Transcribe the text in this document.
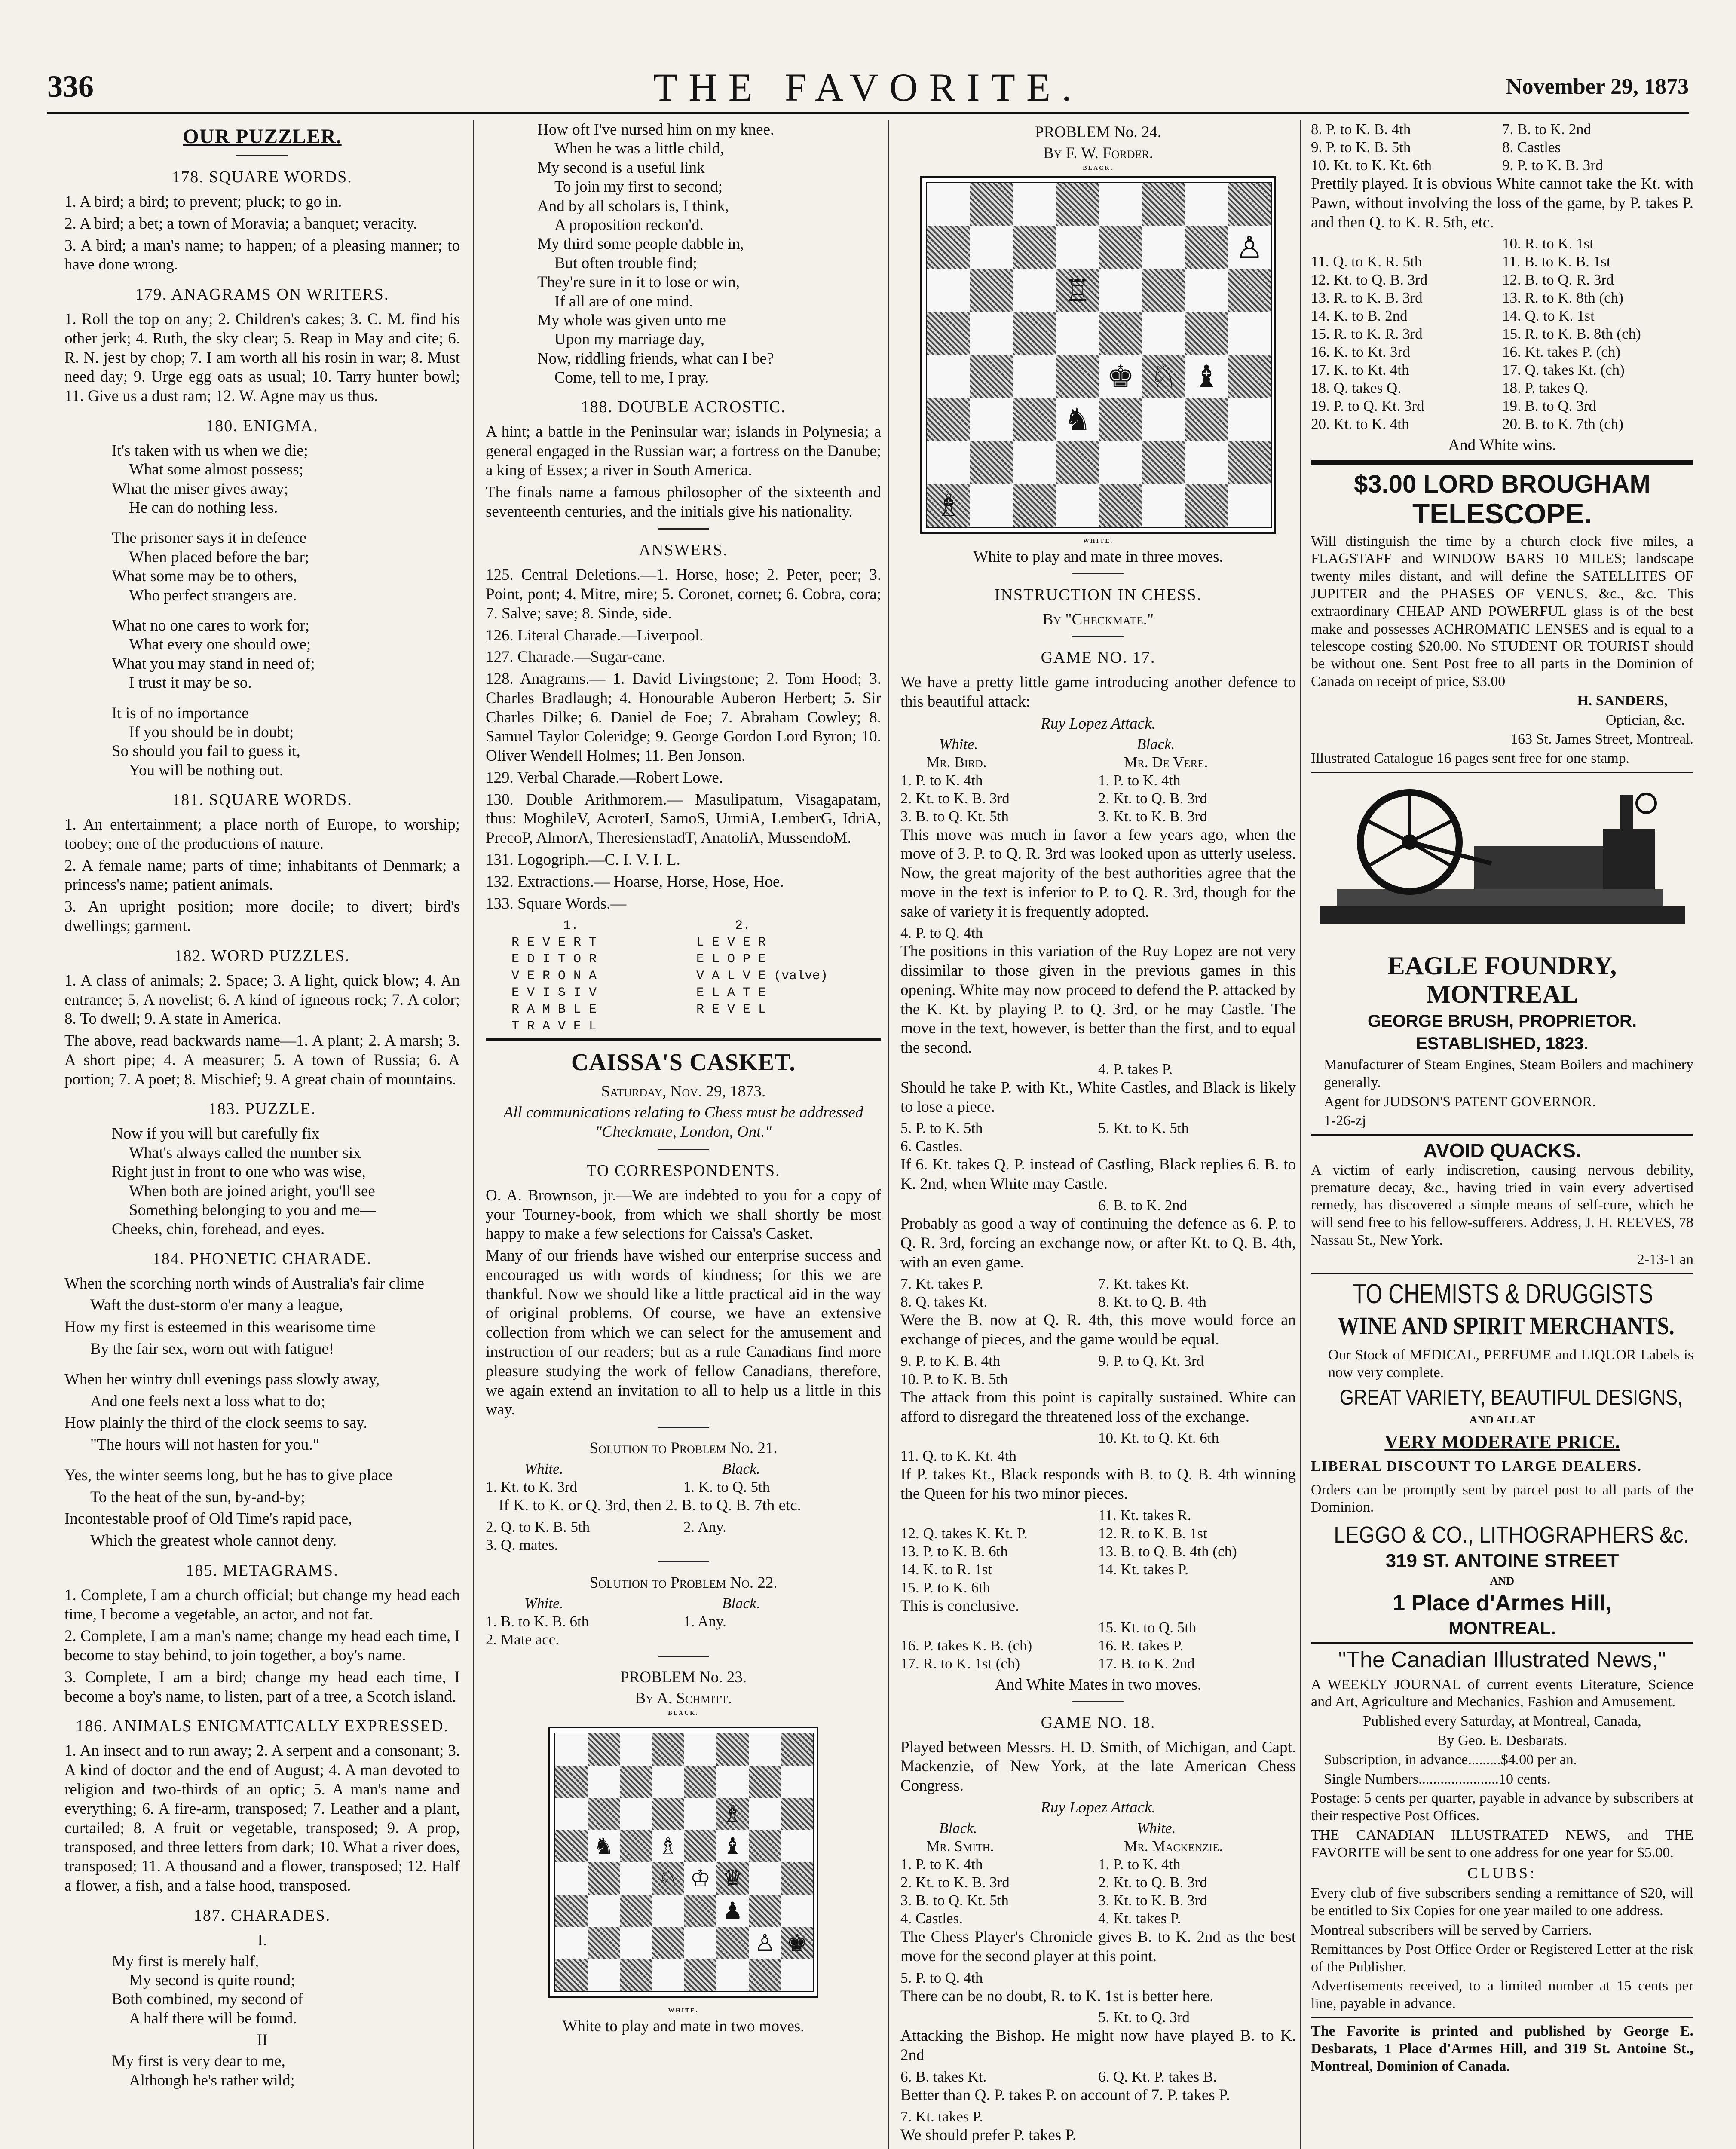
336	THE FAVORITE.	November 29, 1873
OUR PUZZLER.
178. SQUARE WORDS.

1. A bird; a bird; to prevent; pluck; to go in.

2. A bird; a bet; a town of Moravia; a banquet; veracity.

3. A bird; a man's name; to happen; of a pleasing manner; to have done wrong.

179. ANAGRAMS ON WRITERS.

1. Roll the top on any; 2. Children's cakes; 3. C. M. find his other jerk; 4. Ruth, the sky clear; 5. Reap in May and cite; 6. R. N. jest by chop; 7. I am worth all his rosin in war; 8. Must need day; 9. Urge egg oats as usual; 10. Tarry hunter bowl; 11. Give us a dust ram; 12. W. Agne may us thus.

180. ENIGMA.
It's taken with us when we die;
What some almost possess;
What the miser gives away;
He can do nothing less.
The prisoner says it in defence
When placed before the bar;
What some may be to others,
Who perfect strangers are.
What no one cares to work for;
What every one should owe;
What you may stand in need of;
I trust it may be so.
It is of no importance
If you should be in doubt;
So should you fail to guess it,
You will be nothing out.
181. SQUARE WORDS.

1. An entertainment; a place north of Europe, to worship; toobey; one of the productions of nature.

2. A female name; parts of time; inhabitants of Denmark; a princess's name; patient animals.

3. An upright position; more docile; to divert; bird's dwellings; garment.

182. WORD PUZZLES.

1. A class of animals; 2. Space; 3. A light, quick blow; 4. An entrance; 5. A novelist; 6. A kind of igneous rock; 7. A color; 8. To dwell; 9. A state in America.

The above, read backwards name—1. A plant; 2. A marsh; 3. A short pipe; 4. A measurer; 5. A town of Russia; 6. A portion; 7. A poet; 8. Mischief; 9. A great chain of mountains.

183. PUZZLE.
Now if you will but carefully fix
What's always called the number six
Right just in front to one who was wise,
When both are joined aright, you'll see
Something belonging to you and me—
Cheeks, chin, forehead, and eyes.
184. PHONETIC CHARADE.

When the scorching north winds of Australia's fair clime

Waft the dust-storm o'er many a league,

How my first is esteemed in this wearisome time

By the fair sex, worn out with fatigue!

When her wintry dull evenings pass slowly away,

And one feels next a loss what to do;

How plainly the third of the clock seems to say.

"The hours will not hasten for you."

Yes, the winter seems long, but he has to give place

To the heat of the sun, by-and-by;

Incontestable proof of Old Time's rapid pace,

Which the greatest whole cannot deny.

185. METAGRAMS.

1. Complete, I am a church official; but change my head each time, I become a vegetable, an actor, and not fat.

2. Complete, I am a man's name; change my head each time, I become to stay behind, to join together, a boy's name.

3. Complete, I am a bird; change my head each time, I become a boy's name, to listen, part of a tree, a Scotch island.

186. ANIMALS ENIGMATICALLY EXPRESSED.

1. An insect and to run away; 2. A serpent and a consonant; 3. A kind of doctor and the end of August; 4. A man devoted to religion and two-thirds of an optic; 5. A man's name and everything; 6. A fire-arm, transposed; 7. Leather and a plant, curtailed; 8. A fruit or vegetable, transposed; 9. A prop, transposed, and three letters from dark; 10. What a river does, transposed; 11. A thousand and a flower, transposed; 12. Half a flower, a fish, and a false hood, transposed.

187. CHARADES.
I.
My first is merely half,
My second is quite round;
Both combined, my second of
A half there will be found.
II
My first is very dear to me,
Although he's rather wild;
How oft I've nursed him on my knee.
When he was a little child,
My second is a useful link
To join my first to second;
And by all scholars is, I think,
A proposition reckon'd.
My third some people dabble in,
But often trouble find;
They're sure in it to lose or win,
If all are of one mind.
My whole was given unto me
Upon my marriage day,
Now, riddling friends, what can I be?
Come, tell to me, I pray.
188. DOUBLE ACROSTIC.

A hint; a battle in the Peninsular war; islands in Polynesia; a general engaged in the Russian war; a fortress on the Danube; a king of Essex; a river in South America.

The finals name a famous philosopher of the sixteenth and seventeenth centuries, and the initials give his nationality.

ANSWERS.

125. Central Deletions.—1. Horse, hose; 2. Peter, peer; 3. Point, pont; 4. Mitre, mire; 5. Coronet, cornet; 6. Cobra, cora; 7. Salve; save; 8. Sinde, side.

126. Literal Charade.—Liverpool.

127. Charade.—Sugar-cane.

128. Anagrams.— 1. David Livingstone; 2. Tom Hood; 3. Charles Bradlaugh; 4. Honourable Auberon Herbert; 5. Sir Charles Dilke; 6. Daniel de Foe; 7. Abraham Cowley; 8. Samuel Taylor Coleridge; 9. George Gordon Lord Byron; 10. Oliver Wendell Holmes; 11. Ben Jonson.

129. Verbal Charade.—Robert Lowe.

130. Double Arithmorem.— Masulipatum, Visagapatam, thus: MoghileV, AcroterI, SamoS, UrmiA, LemberG, IdriA, PrecoP, AlmorA, TheresienstadT, AnatoliA, MussendoM.

131. Logogriph.—C. I. V. I. L.

132. Extractions.— Hoarse, Horse, Hose, Hoe.

133. Square Words.—

1.
R E V E R T
E D I T O R
V E R O N A
E V I S I V
R A M B L E
T R A V E L
2.
L E V E R
E L O P E
V A L V E (valve)
E L A T E
R E V E L
CAISSA'S CASKET.
Saturday, Nov. 29, 1873.

All communications relating to Chess must be addressed "Checkmate, London, Ont."

TO CORRESPONDENTS.

O. A. Brownson, jr.—We are indebted to you for a copy of your Tourney-book, from which we shall shortly be most happy to make a few selections for Caissa's Casket.

Many of our friends have wished our enterprise success and encouraged us with words of kindness; for this we are thankful. Now we should like a little practical aid in the way of original problems. Of course, we have an extensive collection from which we can select for the amusement and instruction of our readers; but as a rule Canadians find more pleasure studying the work of fellow Canadians, therefore, we again extend an invitation to all to help us a little in this way.

Solution to Problem No. 21.
White.	Black.
1. Kt. to K. 3rd	1. K. to Q. 5th

If K. to K. or Q. 3rd, then 2. B. to Q. B. 7th etc.

2. Q. to K. B. 5th	2. Any.
3. Q. mates.
Solution to Problem No. 22.
White.	Black.
1. B. to K. B. 6th	1. Any.
2. Mate acc.
PROBLEM No. 23.
By A. Schmitt.
BLACK.
♗
♞ ♗ ♝
♘ ♔ ♛
♟
♙ ♚
WHITE.
White to play and mate in two moves.
PROBLEM No. 24.
By F. W. Forder.
BLACK.
♙
♖
♚ ♘ ♝
♞
♗
WHITE.
White to play and mate in three moves.
INSTRUCTION IN CHESS.
By "Checkmate."
GAME NO. 17.

We have a pretty little game introducing another defence to this beautiful attack:

Ruy Lopez Attack.
White.	Black.
Mr. Bird.	Mr. De Vere.
1. P. to K. 4th	1. P. to K. 4th
2. Kt. to K. B. 3rd	2. Kt. to Q. B. 3rd
3. B. to Q. Kt. 5th	3. Kt. to K. B. 3rd

This move was much in favor a few years ago, when the move of 3. P. to Q. R. 3rd was looked upon as utterly useless. Now, the great majority of the best authorities agree that the move in the text is inferior to P. to Q. R. 3rd, though for the sake of variety it is frequently adopted.

4. P. to Q. 4th

The positions in this variation of the Ruy Lopez are not very dissimilar to those given in the previous games in this opening. White may now proceed to defend the P. attacked by the K. Kt. by playing P. to Q. 3rd, or he may Castle. The move in the text, however, is better than the first, and to equal the second.

4. P. takes P.

Should he take P. with Kt., White Castles, and Black is likely to lose a piece.

5. P. to K. 5th	5. Kt. to K. 5th
6. Castles.

If 6. Kt. takes Q. P. instead of Castling, Black replies 6. B. to K. 2nd, when White may Castle.

6. B. to K. 2nd

Probably as good a way of continuing the defence as 6. P. to Q. R. 3rd, forcing an exchange now, or after Kt. to Q. B. 4th, with an even game.

7. Kt. takes P.	7. Kt. takes Kt.
8. Q. takes Kt.	8. Kt. to Q. B. 4th

Were the B. now at Q. R. 4th, this move would force an exchange of pieces, and the game would be equal.

9. P. to K. B. 4th	9. P. to Q. Kt. 3rd
10. P. to K. B. 5th

The attack from this point is capitally sustained. White can afford to disregard the threatened loss of the exchange.

10. Kt. to Q. Kt. 6th
11. Q. to K. Kt. 4th

If P. takes Kt., Black responds with B. to Q. B. 4th winning the Queen for his two minor pieces.

11. Kt. takes R.
12. Q. takes K. Kt. P.	12. R. to K. B. 1st
13. P. to K. B. 6th	13. B. to Q. B. 4th (ch)
14. K. to R. 1st	14. Kt. takes P.
15. P. to K. 6th

This is conclusive.

15. Kt. to Q. 5th
16. P. takes K. B. (ch)	16. R. takes P.
17. R. to K. 1st (ch)	17. B. to K. 2nd
And White Mates in two moves.
GAME NO. 18.

Played between Messrs. H. D. Smith, of Michigan, and Capt. Mackenzie, of New York, at the late American Chess Congress.

Ruy Lopez Attack.
Black.	White.
Mr. Smith.	Mr. Mackenzie.
1. P. to K. 4th	1. P. to K. 4th
2. Kt. to K. B. 3rd	2. Kt. to Q. B. 3rd
3. B. to Q. Kt. 5th	3. Kt. to K. B. 3rd
4. Castles.	4. Kt. takes P.

The Chess Player's Chronicle gives B. to K. 2nd as the best move for the second player at this point.

5. P. to Q. 4th

There can be no doubt, R. to K. 1st is better here.

5. Kt. to Q. 3rd

Attacking the Bishop. He might now have played B. to K. 2nd

6. B. takes Kt.	6. Q. Kt. P. takes B.

Better than Q. P. takes P. on account of 7. P. takes P.

7. Kt. takes P.

We should prefer P. takes P.

8. P. to K. B. 4th	7. B. to K. 2nd
9. P. to K. B. 5th	8. Castles
10. Kt. to K. Kt. 6th	9. P. to K. B. 3rd

Prettily played. It is obvious White cannot take the Kt. with Pawn, without involving the loss of the game, by P. takes P. and then Q. to K. R. 5th, etc.

10. R. to K. 1st
11. Q. to K. R. 5th	11. B. to K. B. 1st
12. Kt. to Q. B. 3rd	12. B. to Q. R. 3rd
13. R. to K. B. 3rd	13. R. to K. 8th (ch)
14. K. to B. 2nd	14. Q. to K. 1st
15. R. to K. R. 3rd	15. R. to K. B. 8th (ch)
16. K. to Kt. 3rd	16. Kt. takes P. (ch)
17. K. to Kt. 4th	17. Q. takes Kt. (ch)
18. Q. takes Q.	18. P. takes Q.
19. P. to Q. Kt. 3rd	19. B. to Q. 3rd
20. Kt. to K. 4th	20. B. to K. 7th (ch)
And White wins.
$3.00 LORD BROUGHAM
TELESCOPE.

Will distinguish the time by a church clock five miles, a FLAGSTAFF and WINDOW BARS 10 MILES; landscape twenty miles distant, and will define the SATELLITES OF JUPITER and the PHASES OF VENUS, &c., &c. This extraordinary CHEAP AND POWERFUL glass is of the best make and possesses ACHROMATIC LENSES and is equal to a telescope costing $20.00. No STUDENT OR TOURIST should be without one. Sent Post free to all parts in the Dominion of Canada on receipt of price, $3.00

H. SANDERS,
Optician, &c.
163 St. James Street, Montreal.

Illustrated Catalogue 16 pages sent free for one stamp.

EAGLE FOUNDRY, MONTREAL
GEORGE BRUSH, PROPRIETOR.
ESTABLISHED, 1823.

Manufacturer of Steam Engines, Steam Boilers and machinery generally.

Agent for JUDSON'S PATENT GOVERNOR.

1-26-zj

AVOID QUACKS.

A victim of early indiscretion, causing nervous debility, premature decay, &c., having tried in vain every advertised remedy, has discovered a simple means of self-cure, which he will send free to his fellow-sufferers. Address, J. H. REEVES, 78 Nassau St., New York.

2-13-1 an
TO CHEMISTS & DRUGGISTS
WINE AND SPIRIT MERCHANTS.

Our Stock of MEDICAL, PERFUME and LIQUOR Labels is now very complete.

GREAT VARIETY, BEAUTIFUL DESIGNS,
AND ALL AT
VERY MODERATE PRICE.
LIBERAL DISCOUNT TO LARGE DEALERS.

Orders can be promptly sent by parcel post to all parts of the Dominion.

LEGGO & CO., LITHOGRAPHERS &c.
319 ST. ANTOINE STREET
AND
1 Place d'Armes Hill,
MONTREAL.
"The Canadian Illustrated News,"

A WEEKLY JOURNAL of current events Literature, Science and Art, Agriculture and Mechanics, Fashion and Amusement.

Published every Saturday, at Montreal, Canada,
By Geo. E. Desbarats.
Subscription, in advance.........$4.00 per an.
Single Numbers......................10 cents.

Postage: 5 cents per quarter, payable in advance by subscribers at their respective Post Offices.

THE CANADIAN ILLUSTRATED NEWS, and THE FAVORITE will be sent to one address for one year for $5.00.

CLUBS:

Every club of five subscribers sending a remittance of $20, will be entitled to Six Copies for one year mailed to one address.

Montreal subscribers will be served by Carriers.

Remittances by Post Office Order or Registered Letter at the risk of the Publisher.

Advertisements received, to a limited number at 15 cents per line, payable in advance.

The Favorite is printed and published by George E. Desbarats, 1 Place d'Armes Hill, and 319 St. Antoine St., Montreal, Dominion of Canada.
